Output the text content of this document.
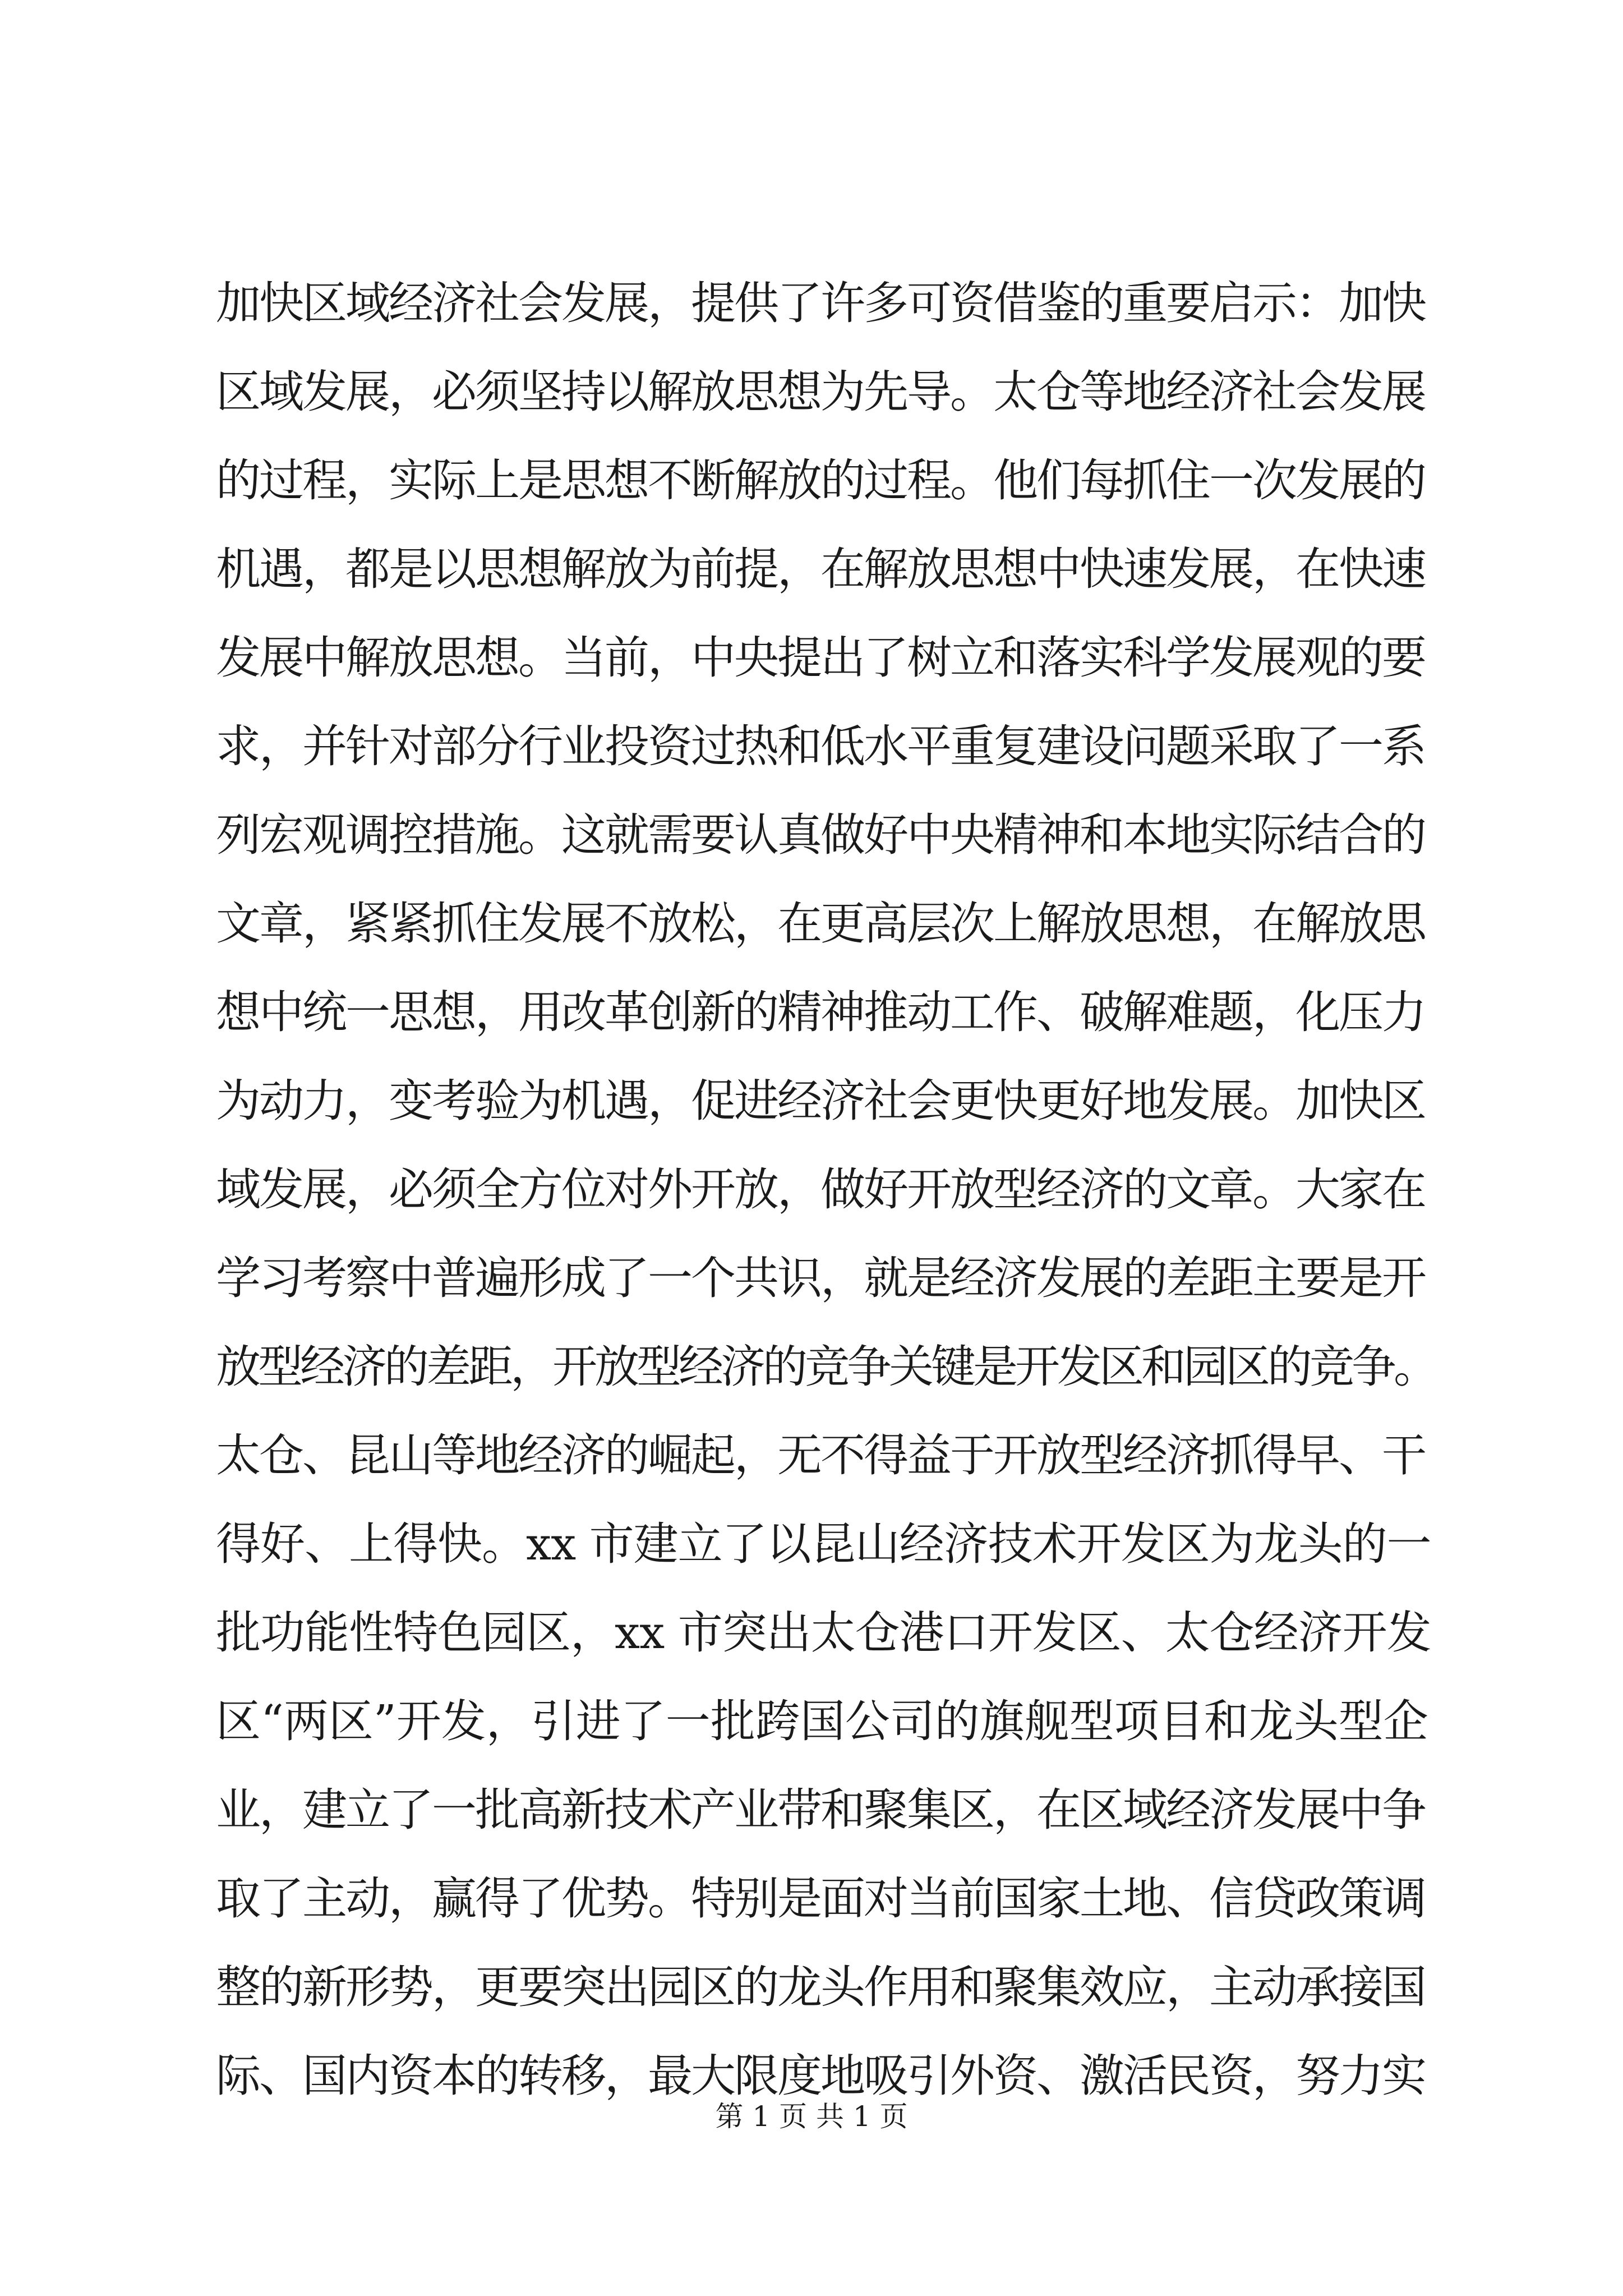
加快区域经济社会发展，提供了许多可资借鉴的重要启示：加快
区域发展，必须坚持以解放思想为先导。太仓等地经济社会发展
的过程，实际上是思想不断解放的过程。他们每抓住一次发展的
机遇，都是以思想解放为前提，在解放思想中快速发展，在快速
发展中解放思想。当前，中央提出了树立和落实科学发展观的要
求，并针对部分行业投资过热和低水平重复建设问题采取了一系
列宏观调控措施。这就需要认真做好中央精神和本地实际结合的
文章，紧紧抓住发展不放松，在更高层次上解放思想，在解放思
想中统一思想，用改革创新的精神推动工作、破解难题，化压力
为动力，变考验为机遇，促进经济社会更快更好地发展。加快区
域发展，必须全方位对外开放，做好开放型经济的文章。大家在
学习考察中普遍形成了一个共识，就是经济发展的差距主要是开
放型经济的差距，开放型经济的竞争关键是开发区和园区的竞争。
太仓、昆山等地经济的崛起，无不得益于开放型经济抓得早、干
得好、上得快。xx 市建立了以昆山经济技术开发区为龙头的一
批功能性特色园区，xx 市突出太仓港口开发区、太仓经济开发
区“两区”开发，引进了一批跨国公司的旗舰型项目和龙头型企
业，建立了一批高新技术产业带和聚集区，在区域经济发展中争
取了主动，赢得了优势。特别是面对当前国家土地、信贷政策调
整的新形势，更要突出园区的龙头作用和聚集效应，主动承接国
际、国内资本的转移，最大限度地吸引外资、激活民资，努力实
第 1 页 共 1 页
